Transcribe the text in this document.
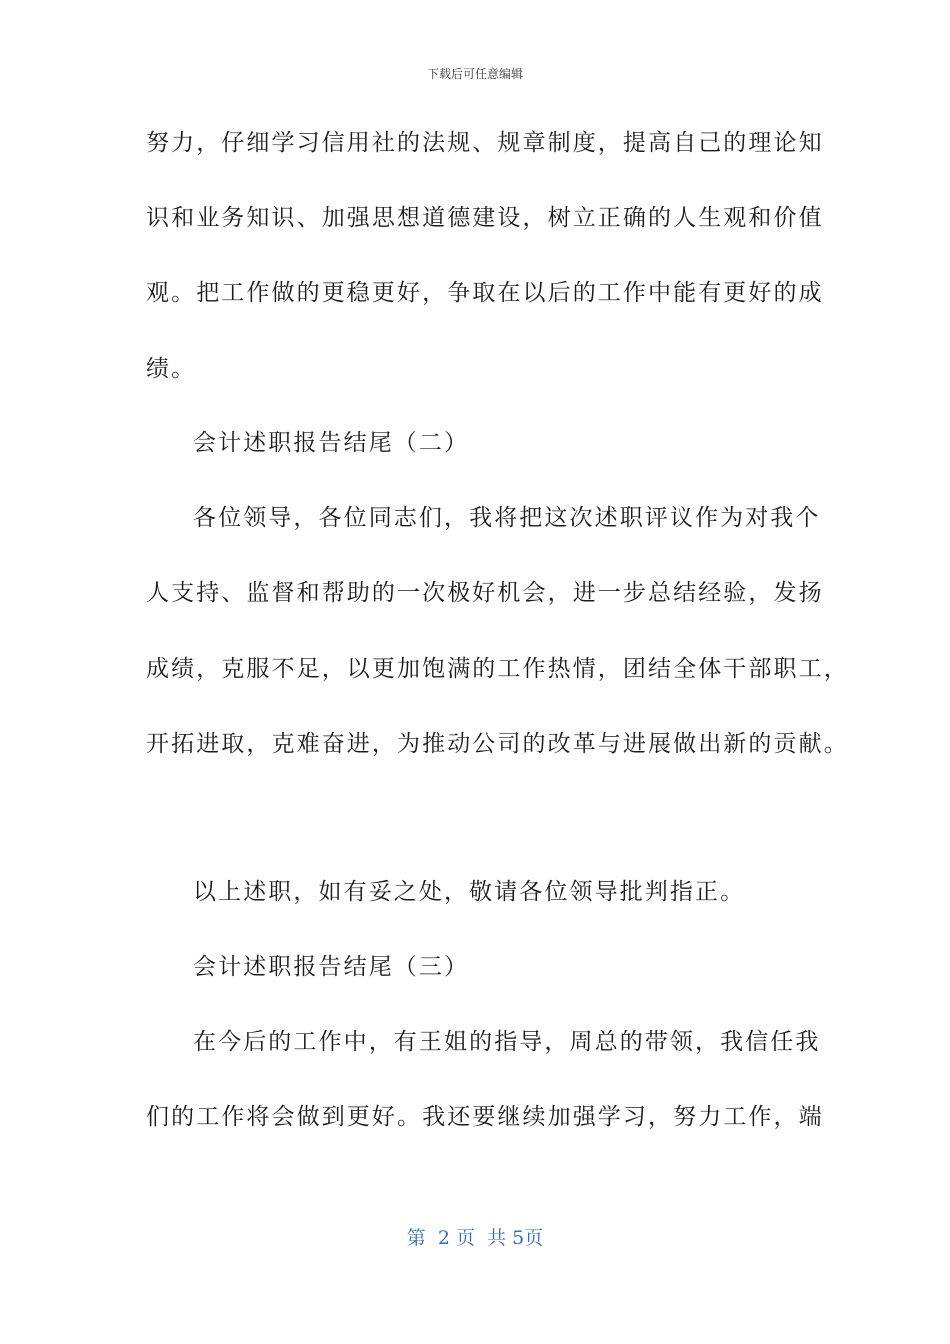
下载后可任意编辑
努力，仔细学习信用社的法规、规章制度，提高自己的理论知
识和业务知识、加强思想道德建设，树立正确的人生观和价值
观。把工作做的更稳更好，争取在以后的工作中能有更好的成
绩。
会计述职报告结尾（二）
各位领导，各位同志们，我将把这次述职评议作为对我个
人支持、监督和帮助的一次极好机会，进一步总结经验，发扬
成绩，克服不足，以更加饱满的工作热情，团结全体干部职工，
开拓进取，克难奋进，为推动公司的改革与进展做出新的贡献。
以上述职，如有妥之处，敬请各位领导批判指正。
会计述职报告结尾（三）
在今后的工作中，有王姐的指导，周总的带领，我信任我
们的工作将会做到更好。我还要继续加强学习，努力工作，端
第  2 页  共 5页
